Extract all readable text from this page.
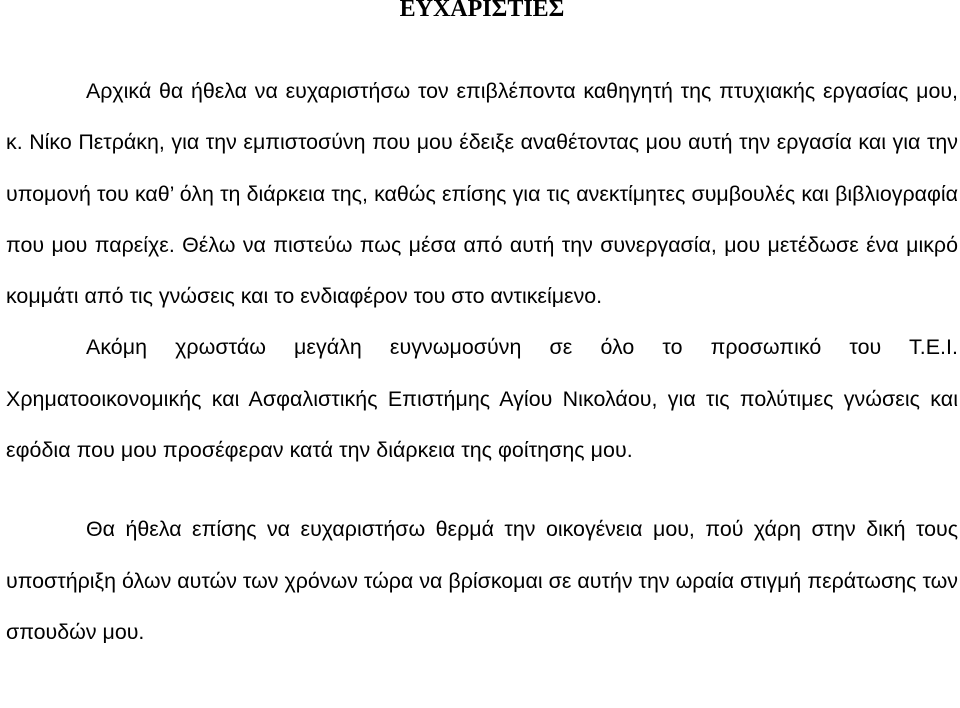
ΕΥΧΑΡΙΣΤΙΕΣ

Αρχικά θα ήθελα να ευχαριστήσω τον επιβλέποντα καθηγητή της πτυχιακής εργασίας μου, κ. Νίκο Πετράκη, για την εμπιστοσύνη που μου έδειξε αναθέτοντας μου αυτή την εργασία και για την υπομονή του καθ’ όλη τη διάρκεια της, καθώς επίσης για τις ανεκτίμητες συμβουλές και βιβλιογραφία που μου παρείχε. Θέλω να πιστεύω πως μέσα από αυτή την συνεργασία, μου μετέδωσε ένα μικρό κομμάτι από τις γνώσεις και το ενδιαφέρον του στο αντικείμενο.

Ακόμη χρωστάω μεγάλη ευγνωμοσύνη σε όλο το προσωπικό του Τ.Ε.Ι. Χρηματοοικονομικής και Ασφαλιστικής Επιστήμης Αγίου Νικολάου, για τις πολύτιμες γνώσεις και εφόδια που μου προσέφεραν κατά την διάρκεια της φοίτησης μου.

Θα ήθελα επίσης να ευχαριστήσω θερμά την οικογένεια μου, πού χάρη στην δική τους υποστήριξη όλων αυτών των χρόνων τώρα να βρίσκομαι σε αυτήν την ωραία στιγμή περάτωσης των σπουδών μου.
